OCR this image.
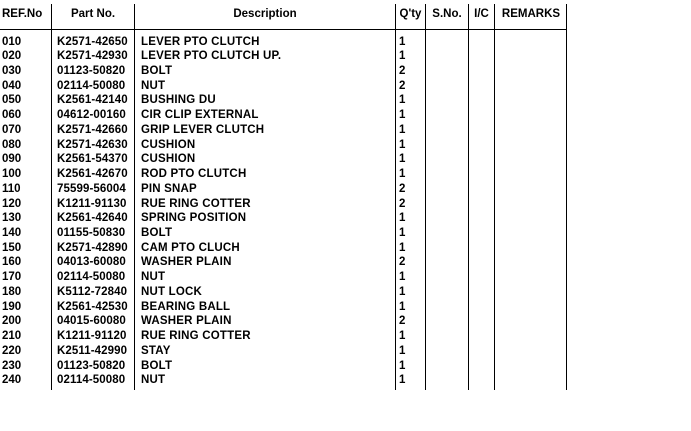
REF.No	Part No.	Description	Q'ty S.No.	I/C	REMARKS
010	K2571-42650 LEVER PTO CLUTCH	1
020	K2571-42930 LEVER PTO CLUTCH UP.	1
030	01123-50820 BOLT	2
040	02114-50080 NUT	2
050	K2561-42140 BUSHING DU	1
060	04612-00160 CIR CLIP EXTERNAL	1
070	K2571-42660 GRIP LEVER CLUTCH	1
080	K2571-42630 CUSHION	1
090	K2561-54370 CUSHION	1
100	K2561-42670 ROD PTO CLUTCH	1
110	75599-56004 PIN SNAP	2
120	K1211-91130 RUE RING COTTER	2
130	K2561-42640 SPRING POSITION	1
140	01155-50830 BOLT	1
150	K2571-42890 CAM PTO CLUCH	1
160	04013-60080 WASHER PLAIN	2
170	02114-50080 NUT	1
180	K5112-72840 NUT LOCK	1
190	K2561-42530 BEARING BALL	1
200	04015-60080 WASHER PLAIN	2
210	K1211-91120 RUE RING COTTER	1
220	K2511-42990 STAY	1
230	01123-50820 BOLT	1
240	02114-50080 NUT	1
